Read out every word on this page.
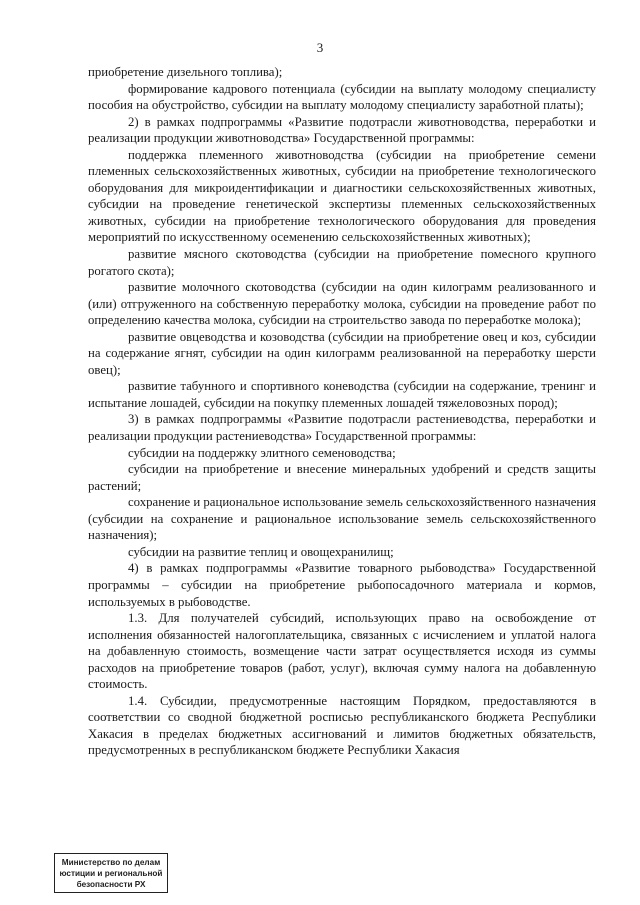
3

приобретение дизельного топлива);

формирование кадрового потенциала (субсидии на выплату молодому специалисту пособия на обустройство, субсидии на выплату молодому специалисту заработной платы);

2) в рамках подпрограммы «Развитие подотрасли животноводства, переработки и реализации продукции животноводства» Государственной программы:

поддержка племенного животноводства (субсидии на приобретение семени племенных сельскохозяйственных животных, субсидии на приобретение технологического оборудования для микроидентификации и диагностики сельскохозяйственных животных, субсидии на проведение генетической экспертизы племенных сельскохозяйственных животных, субсидии на приобретение технологического оборудования для проведения мероприятий по искусственному осеменению сельскохозяйственных животных);

развитие мясного скотоводства (субсидии на приобретение помесного крупного рогатого скота);

развитие молочного скотоводства (субсидии на один килограмм реализованного и (или) отгруженного на собственную переработку молока, субсидии на проведение работ по определению качества молока, субсидии на строительство завода по переработке молока);

развитие овцеводства и козоводства (субсидии на приобретение овец и коз, субсидии на содержание ягнят, субсидии на один килограмм реализованной на переработку шерсти овец);

развитие табунного и спортивного коневодства (субсидии на содержание, тренинг и испытание лошадей, субсидии на покупку племенных лошадей тяжеловозных пород);

3) в рамках подпрограммы «Развитие подотрасли растениеводства, переработки и реализации продукции растениеводства» Государственной программы:

субсидии на поддержку элитного семеноводства;

субсидии на приобретение и внесение минеральных удобрений и средств защиты растений;

сохранение и рациональное использование земель сельскохозяйственного назначения (субсидии на сохранение и рациональное использование земель сельскохозяйственного назначения);

субсидии на развитие теплиц и овощехранилищ;

4) в рамках подпрограммы «Развитие товарного рыбоводства» Государственной программы – субсидии на приобретение рыбопосадочного материала и кормов, используемых в рыбоводстве.

1.3. Для получателей субсидий, использующих право на освобождение от исполнения обязанностей налогоплательщика, связанных с исчислением и уплатой налога на добавленную стоимость, возмещение части затрат осуществляется исходя из суммы расходов на приобретение товаров (работ, услуг), включая сумму налога на добавленную стоимость.

1.4. Субсидии, предусмотренные настоящим Порядком, предоставляются в соответствии со сводной бюджетной росписью республиканского бюджета Республики Хакасия в пределах бюджетных ассигнований и лимитов бюджетных обязательств, предусмотренных в республиканском бюджете Республики Хакасия

Министерство по делам
юстиции и региональной
безопасности РХ
